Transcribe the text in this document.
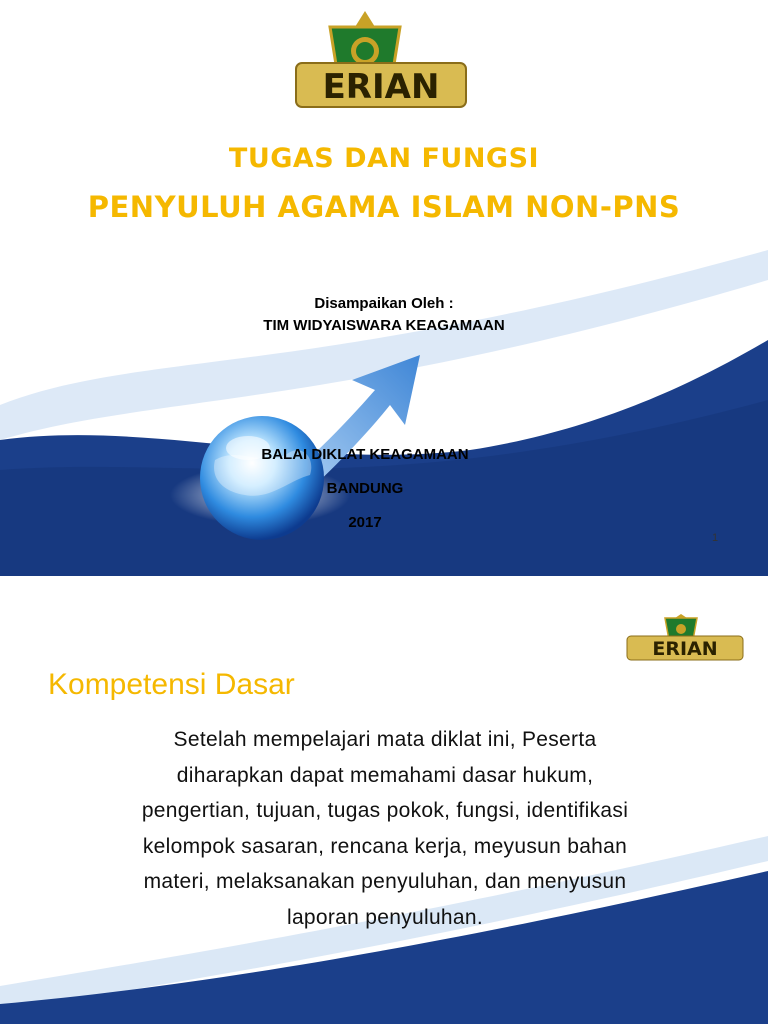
ERIAN
TUGAS DAN FUNGSI
PENYULUH AGAMA ISLAM NON-PNS
Disampaikan Oleh :
TIM WIDYAISWARA KEAGAMAAN
BALAI DIKLAT KEAGAMAAN
BANDUNG
2017
1
ERIAN
Kompetensi Dasar
Setelah mempelajari mata diklat ini, Peserta
diharapkan dapat memahami dasar hukum,
pengertian, tujuan, tugas pokok, fungsi, identifikasi
kelompok sasaran, rencana kerja, meyusun bahan
materi, melaksanakan penyuluhan, dan menyusun
laporan penyuluhan.
